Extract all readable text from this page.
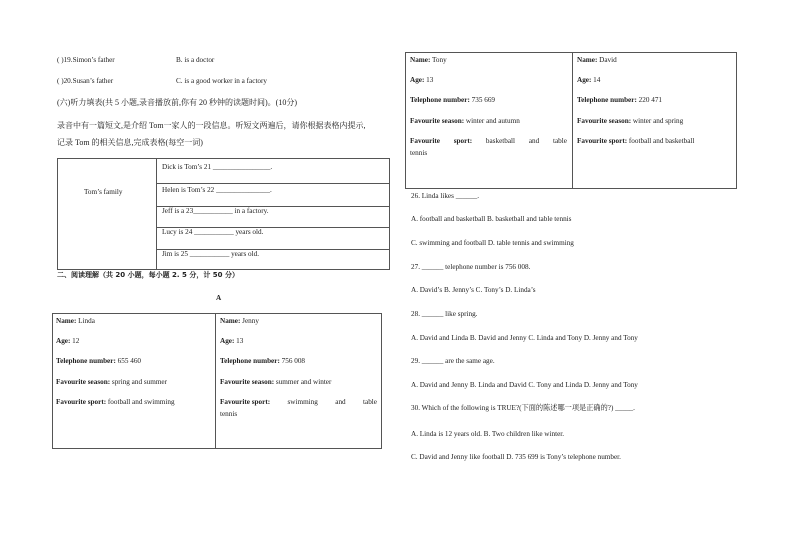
( )19.Simon’s father	B. is a doctor
( )20.Susan’s father	C. is a good worker in a factory
(六)听力填表(共 5 小题,录音播放前,你有 20 秒钟的读题时间)。(10分)
录音中有一篇短文,是介绍 Tom一家人的一段信息。听短文两遍后，请你根据表格内提示,
记录 Tom 的相关信息,完成表格(每空一词)
Tom’s family
Dick is Tom’s 21 ________________.
Helen is Tom’s 22 _______________.
Jeff is a 23___________ in a factory.
Lucy is 24 ___________ years old.
Jim is 25 ___________ years old.
二、阅读理解（共 20 小题，每小题 2. 5 分，计 50 分）
A

Name: Linda

Age: 12

Telephone number: 655 460

Favourite season: spring and summer

Favourite sport: football and swimming

Name: Jenny

Age: 13

Telephone number: 756 008

Favourite season: summer and winter

Favourite sport: swimming and table
tennis

Name: Tony

Age: 13

Telephone number: 735 669

Favourite season: winter and autumn

Favourite sport: basketball and table
tennis

Name: David

Age: 14

Telephone number: 220 471

Favourite season: winter and spring

Favourite sport: football and basketball

26. Linda likes ______.
A. football and basketball B. basketball and table tennis
C. swimming and football D. table tennis and swimming
27. ______ telephone number is 756 008.
A. David’s B. Jenny’s C. Tony’s D. Linda’s
28. ______ like spring.
A. David and Linda B. David and Jenny C. Linda and Tony D. Jenny and Tony
29. ______ are the same age.
A. David and Jenny B. Linda and David C. Tony and Linda D. Jenny and Tony
30. Which of the following is TRUE?(下面的陈述哪一项是正确的?) _____.
A. Linda is 12 years old. B. Two children like winter.
C. David and Jenny like football D. 735 699 is Tony’s telephone number.
